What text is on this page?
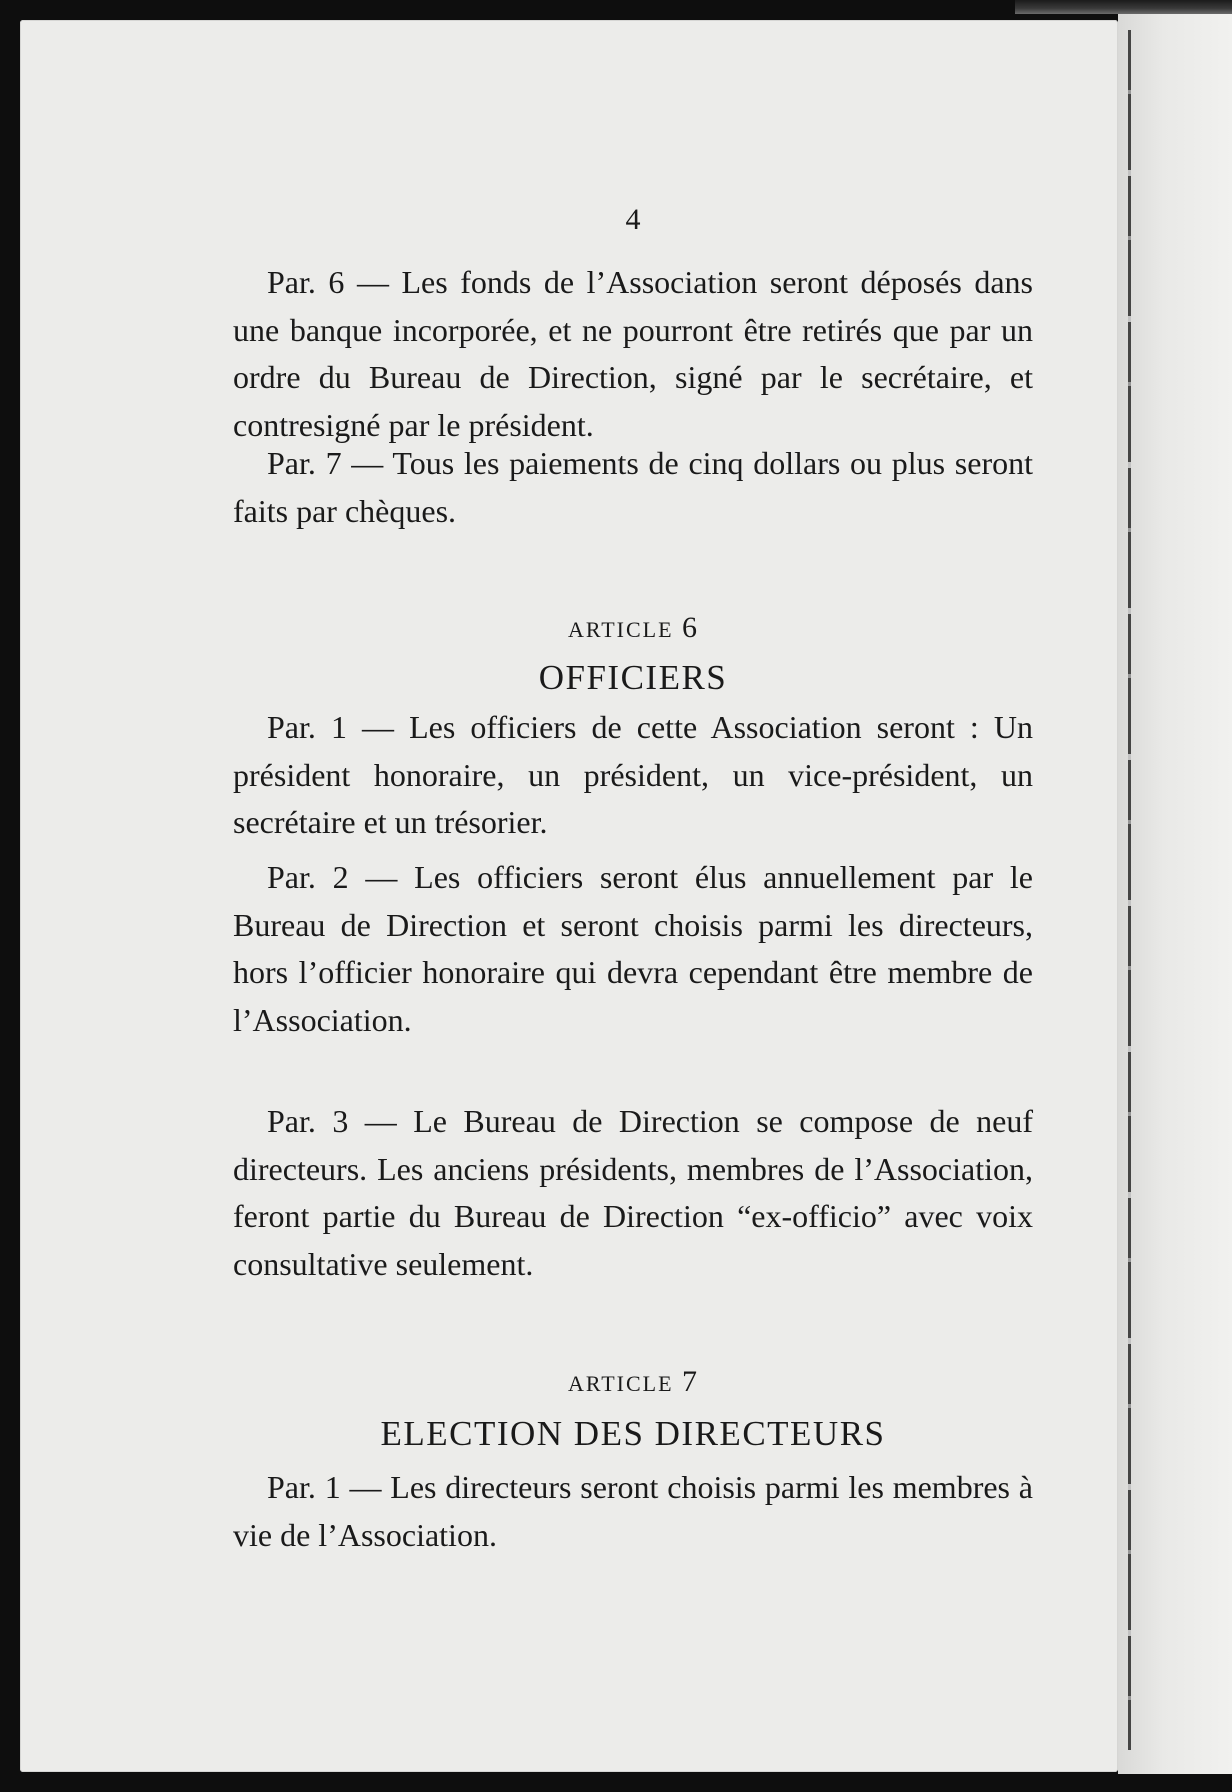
4

Par. 6 — Les fonds de l’Association seront déposés dans une banque incorporée, et ne pourront être retirés que par un ordre du Bureau de Direction, signé par le secrétaire, et contresigné par le président.

Par. 7 — Tous les paiements de cinq dollars ou plus seront faits par chèques.

ARTICLE 6
OFFICIERS

Par. 1 — Les officiers de cette Association seront : Un président honoraire, un président, un vice-président, un secrétaire et un trésorier.

Par. 2 — Les officiers seront élus annuellement par le Bureau de Direction et seront choisis parmi les directeurs, hors l’officier honoraire qui devra cependant être membre de l’Association.

Par. 3 — Le Bureau de Direction se compose de neuf directeurs. Les anciens présidents, membres de l’Association, feront partie du Bureau de Direction “ex-officio” avec voix consultative seulement.

ARTICLE 7
ELECTION DES DIRECTEURS

Par. 1 — Les directeurs seront choisis parmi les membres à vie de l’Association.
